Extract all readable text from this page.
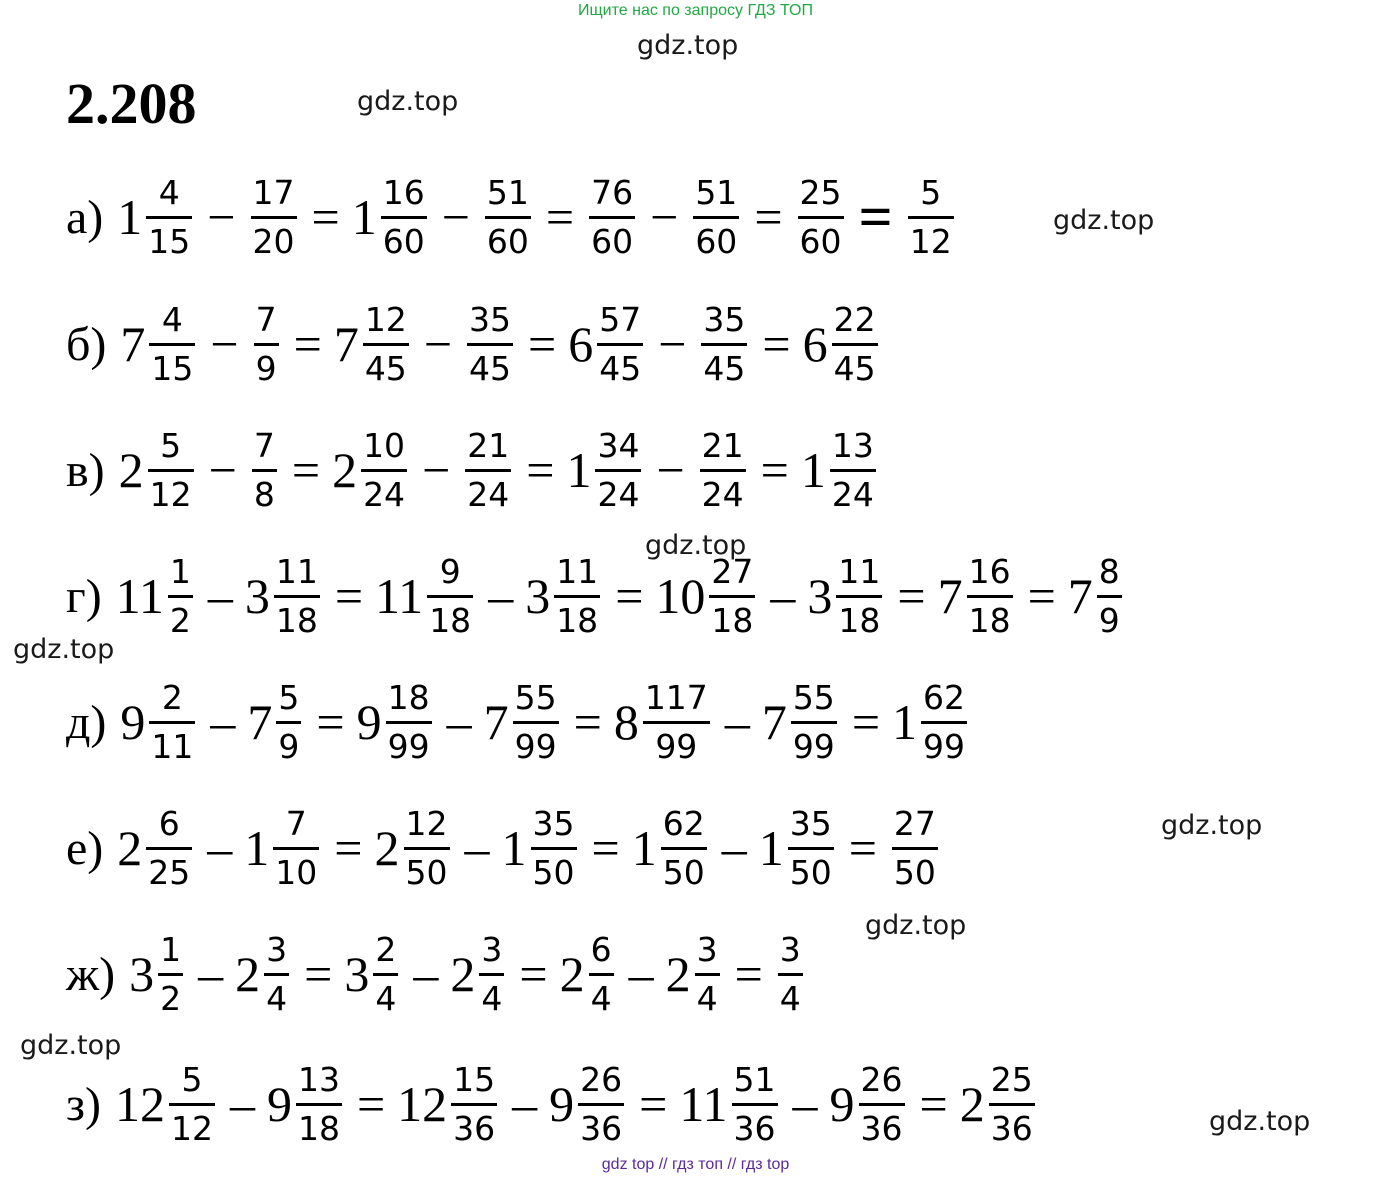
Ищите нас по запросу ГДЗ ТОП
2.208
gdz.top
gdz.top
gdz.top
gdz.top
gdz.top
gdz.top
gdz.top
gdz.top
gdz.top
а) $1 \frac{4}{15} - \frac{17}{20} = 1 \frac{16}{60} - \frac{51}{60} = \frac{76}{60} - \frac{51}{60} = \frac{25}{60} = \frac{5}{12}$
б) $7 \frac{4}{15} - \frac{7}{9} = 7 \frac{12}{45} - \frac{35}{45} = 6 \frac{57}{45} - \frac{35}{45} = 6 \frac{22}{45}$
в) $2 \frac{5}{12} - \frac{7}{8} = 2 \frac{10}{24} - \frac{21}{24} = 1 \frac{34}{24} - \frac{21}{24} = 1 \frac{13}{24}$
г) $11 \frac{1}{2} - 3 \frac{11}{18} = 11 \frac{9}{18} - 3 \frac{11}{18} = 10 \frac{27}{18} - 3 \frac{11}{18} = 7 \frac{16}{18} = 7 \frac{8}{9}$
д) $9 \frac{2}{11} - 7 \frac{5}{9} = 9 \frac{18}{99} - 7 \frac{55}{99} = 8 \frac{117}{99} - 7 \frac{55}{99} = 1 \frac{62}{99}$
е) $2 \frac{6}{25} - 1 \frac{7}{10} = 2 \frac{12}{50} - 1 \frac{35}{50} = 1 \frac{62}{50} - 1 \frac{35}{50} = \frac{27}{50}$
ж) $3 \frac{1}{2} - 2 \frac{3}{4} = 3 \frac{2}{4} - 2 \frac{3}{4} = 2 \frac{6}{4} - 2 \frac{3}{4} = \frac{3}{4}$
з) $12 \frac{5}{12} - 9 \frac{13}{18} = 12 \frac{15}{36} - 9 \frac{26}{36} = 11 \frac{51}{36} - 9 \frac{26}{36} = 2 \frac{25}{36}$
gdz top // гдз топ // гдз top
